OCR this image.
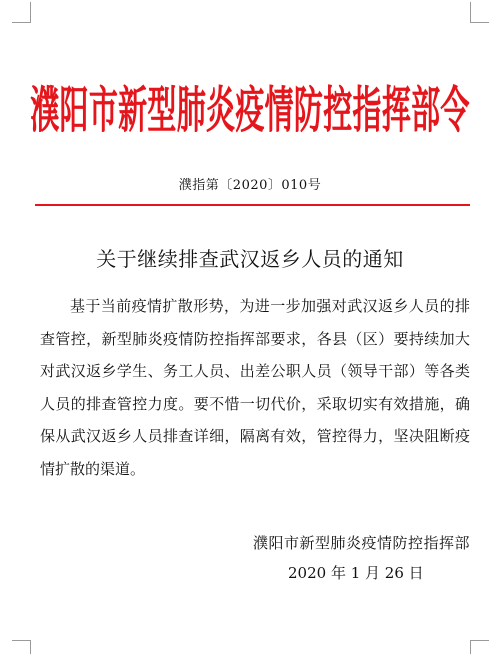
濮阳市新型肺炎疫情防控指挥部令
濮指第〔2020〕010号
关于继续排查武汉返乡人员的通知
基于当前疫情扩散形势，为进一步加强对武汉返乡人员的排
查管控，新型肺炎疫情防控指挥部要求，各县（区）要持续加大
对武汉返乡学生、务工人员、出差公职人员（领导干部）等各类
人员的排查管控力度。要不惜一切代价，采取切实有效措施，确
保从武汉返乡人员排查详细，隔离有效，管控得力，坚决阻断疫
情扩散的渠道。
濮阳市新型肺炎疫情防控指挥部
2020 年 1 月 26 日
